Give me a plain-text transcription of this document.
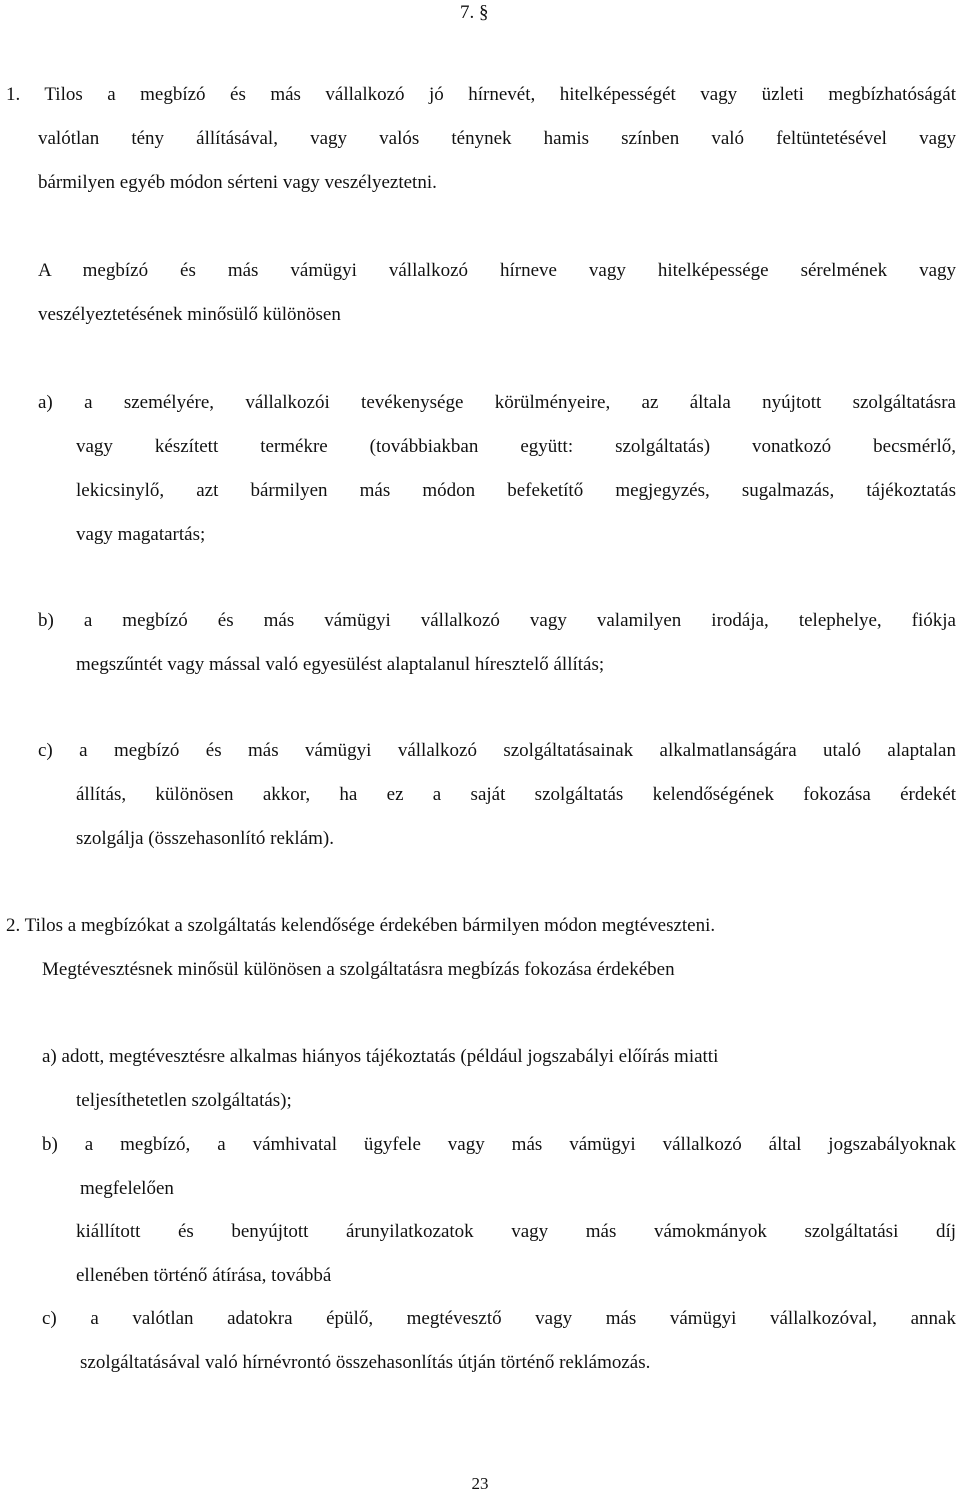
7. §
1. Tilos a megbízó és más vállalkozó jó hírnevét, hitelképességét vagy üzleti megbízhatóságát
valótlan tény állításával, vagy valós ténynek hamis színben való feltüntetésével vagy
bármilyen egyéb módon sérteni vagy veszélyeztetni.
A megbízó és más vámügyi vállalkozó hírneve vagy hitelképessége sérelmének vagy
veszélyeztetésének minősülő különösen
a) a személyére, vállalkozói tevékenysége körülményeire, az általa nyújtott szolgáltatásra
vagy készített termékre (továbbiakban együtt: szolgáltatás) vonatkozó becsmérlő,
lekicsinylő, azt bármilyen más módon befeketítő megjegyzés, sugalmazás, tájékoztatás
vagy magatartás;
b) a megbízó és más vámügyi vállalkozó vagy valamilyen irodája, telephelye, fiókja
megszűntét vagy mással való egyesülést alaptalanul híresztelő állítás;
c) a megbízó és más vámügyi vállalkozó szolgáltatásainak alkalmatlanságára utaló alaptalan
állítás, különösen akkor, ha ez a saját szolgáltatás kelendőségének fokozása érdekét
szolgálja (összehasonlító reklám).
2. Tilos a megbízókat a szolgáltatás kelendősége érdekében bármilyen módon megtéveszteni.
Megtévesztésnek minősül különösen a szolgáltatásra megbízás fokozása érdekében
a) adott, megtévesztésre alkalmas hiányos tájékoztatás (például jogszabályi előírás miatti
teljesíthetetlen szolgáltatás);
b) a megbízó, a vámhivatal ügyfele vagy más vámügyi vállalkozó által jogszabályoknak
megfelelően
kiállított és benyújtott árunyilatkozatok vagy más vámokmányok szolgáltatási díj
ellenében történő átírása, továbbá
c) a valótlan adatokra épülő, megtévesztő vagy más vámügyi vállalkozóval, annak
szolgáltatásával való hírnévrontó összehasonlítás útján történő reklámozás.
23
